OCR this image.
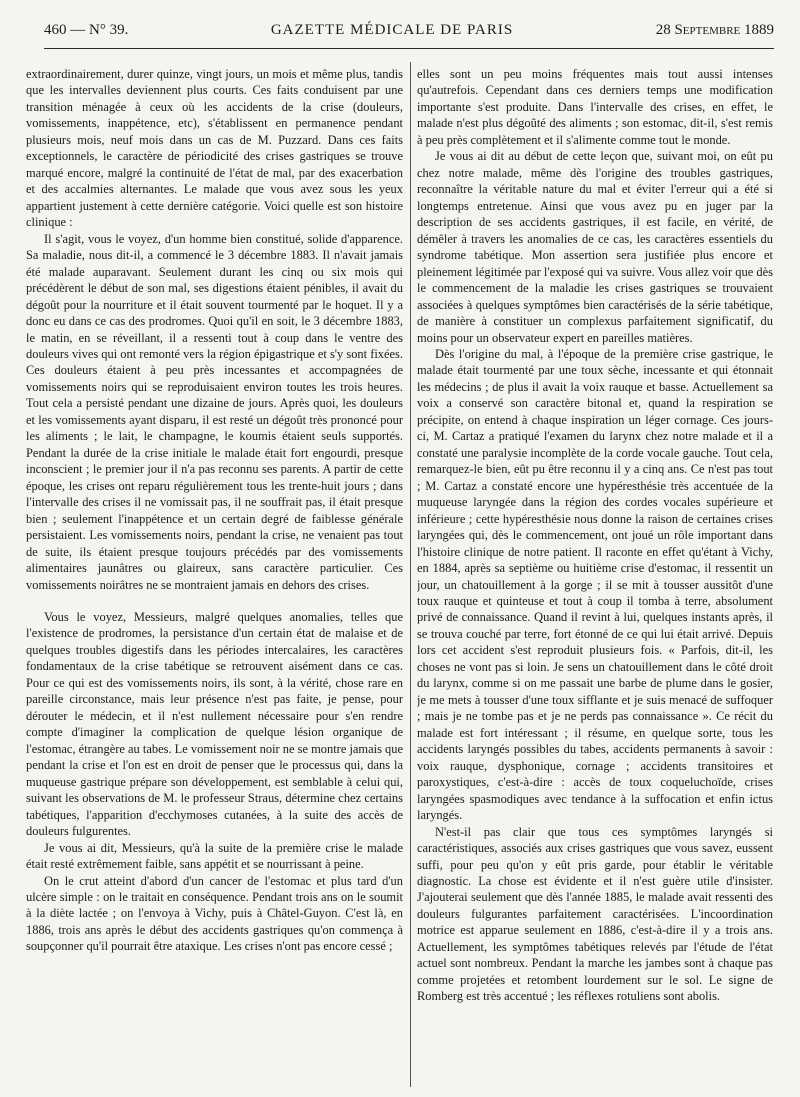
460 — N° 39.	GAZETTE MÉDICALE DE PARIS	28 Septembre 1889

extraordinairement, durer quinze, vingt jours, un mois et même plus, tandis que les intervalles deviennent plus courts. Ces faits conduisent par une transition ménagée à ceux où les accidents de la crise (douleurs, vomissements, inappétence, etc), s'établissent en permanence pendant plusieurs mois, neuf mois dans un cas de M. Puzzard. Dans ces faits exceptionnels, le caractère de périodicité des crises gastriques se trouve marqué encore, malgré la continuité de l'état de mal, par des exacerbation et des accalmies alternantes. Le malade que vous avez sous les yeux appartient justement à cette dernière catégorie. Voici quelle est son histoire clinique :

Il s'agit, vous le voyez, d'un homme bien constitué, solide d'apparence. Sa maladie, nous dit-il, a commencé le 3 décembre 1883. Il n'avait jamais été malade auparavant. Seulement durant les cinq ou six mois qui précédèrent le début de son mal, ses digestions étaient pénibles, il avait du dégoût pour la nourriture et il était souvent tourmenté par le hoquet. Il y a donc eu dans ce cas des prodromes. Quoi qu'il en soit, le 3 décembre 1883, le matin, en se réveillant, il a ressenti tout à coup dans le ventre des douleurs vives qui ont remonté vers la région épigastrique et s'y sont fixées. Ces douleurs étaient à peu près incessantes et accompagnées de vomissements noirs qui se reproduisaient environ toutes les trois heures. Tout cela a persisté pendant une dizaine de jours. Après quoi, les douleurs et les vomissements ayant disparu, il est resté un dégoût très prononcé pour les aliments ; le lait, le champagne, le koumis étaient seuls supportés. Pendant la durée de la crise initiale le malade était fort engourdi, presque inconscient ; le premier jour il n'a pas reconnu ses parents. A partir de cette époque, les crises ont reparu régulièrement tous les trente-huit jours ; dans l'intervalle des crises il ne vomissait pas, il ne souffrait pas, il était presque bien ; seulement l'inappétence et un certain degré de faiblesse générale persistaient. Les vomissements noirs, pendant la crise, ne venaient pas tout de suite, ils étaient presque toujours précédés par des vomissements alimentaires jaunâtres ou glaireux, sans caractère particulier. Ces vomissements noirâtres ne se montraient jamais en dehors des crises.

Vous le voyez, Messieurs, malgré quelques anomalies, telles que l'existence de prodromes, la persistance d'un certain état de malaise et de quelques troubles digestifs dans les périodes intercalaires, les caractères fondamentaux de la crise tabétique se retrouvent aisément dans ce cas. Pour ce qui est des vomissements noirs, ils sont, à la vérité, chose rare en pareille circonstance, mais leur présence n'est pas faite, je pense, pour dérouter le médecin, et il n'est nullement nécessaire pour s'en rendre compte d'imaginer la complication de quelque lésion organique de l'estomac, étrangère au tabes. Le vomissement noir ne se montre jamais que pendant la crise et l'on est en droit de penser que le processus qui, dans la muqueuse gastrique prépare son développement, est semblable à celui qui, suivant les observations de M. le professeur Straus, détermine chez certains tabétiques, l'apparition d'ecchymoses cutanées, à la suite des accès de douleurs fulgurentes.

Je vous ai dit, Messieurs, qu'à la suite de la première crise le malade était resté extrêmement faible, sans appétit et se nourrissant à peine.

On le crut atteint d'abord d'un cancer de l'estomac et plus tard d'un ulcère simple : on le traitait en conséquence. Pendant trois ans on le soumit à la diète lactée ; on l'envoya à Vichy, puis à Châtel-Guyon. C'est là, en 1886, trois ans après le début des accidents gastriques qu'on commença à soupçonner qu'il pourrait être ataxique. Les crises n'ont pas encore cessé ;

elles sont un peu moins fréquentes mais tout aussi intenses qu'autrefois. Cependant dans ces derniers temps une modification importante s'est produite. Dans l'intervalle des crises, en effet, le malade n'est plus dégoûté des aliments ; son estomac, dit-il, s'est remis à peu près complètement et il s'alimente comme tout le monde.

Je vous ai dit au début de cette leçon que, suivant moi, on eût pu chez notre malade, même dès l'origine des troubles gastriques, reconnaître la véritable nature du mal et éviter l'erreur qui a été si longtemps entretenue. Ainsi que vous avez pu en juger par la description de ses accidents gastriques, il est facile, en vérité, de démêler à travers les anomalies de ce cas, les caractères essentiels du syndrome tabétique. Mon assertion sera justifiée plus encore et pleinement légitimée par l'exposé qui va suivre. Vous allez voir que dès le commencement de la maladie les crises gastriques se trouvaient associées à quelques symptômes bien caractérisés de la série tabétique, de manière à constituer un complexus parfaitement significatif, du moins pour un observateur expert en pareilles matières.

Dès l'origine du mal, à l'époque de la première crise gastrique, le malade était tourmenté par une toux sèche, incessante et qui étonnait les médecins ; de plus il avait la voix rauque et basse. Actuellement sa voix a conservé son caractère bitonal et, quand la respiration se précipite, on entend à chaque inspiration un léger cornage. Ces jours-ci, M. Cartaz a pratiqué l'examen du larynx chez notre malade et il a constaté une paralysie incomplète de la corde vocale gauche. Tout cela, remarquez-le bien, eût pu être reconnu il y a cinq ans. Ce n'est pas tout ; M. Cartaz a constaté encore une hypéresthésie très accentuée de la muqueuse laryngée dans la région des cordes vocales supérieure et inférieure ; cette hypéresthésie nous donne la raison de certaines crises laryngées qui, dès le commencement, ont joué un rôle important dans l'histoire clinique de notre patient. Il raconte en effet qu'étant à Vichy, en 1884, après sa septième ou huitième crise d'estomac, il ressentit un jour, un chatouillement à la gorge ; il se mit à tousser aussitôt d'une toux rauque et quinteuse et tout à coup il tomba à terre, absolument privé de connaissance. Quand il revint à lui, quelques instants après, il se trouva couché par terre, fort étonné de ce qui lui était arrivé. Depuis lors cet accident s'est reproduit plusieurs fois. « Parfois, dit-il, les choses ne vont pas si loin. Je sens un chatouillement dans le côté droit du larynx, comme si on me passait une barbe de plume dans le gosier, je me mets à tousser d'une toux sifflante et je suis menacé de suffoquer ; mais je ne tombe pas et je ne perds pas connaissance ». Ce récit du malade est fort intéressant ; il résume, en quelque sorte, tous les accidents laryngés possibles du tabes, accidents permanents à savoir : voix rauque, dysphonique, cornage ; accidents transitoires et paroxystiques, c'est-à-dire : accès de toux coqueluchoïde, crises laryngées spasmodiques avec tendance à la suffocation et enfin ictus laryngés.

N'est-il pas clair que tous ces symptômes laryngés si caractéristiques, associés aux crises gastriques que vous savez, eussent suffi, pour peu qu'on y eût pris garde, pour établir le véritable diagnostic. La chose est évidente et il n'est guère utile d'insister. J'ajouterai seulement que dès l'année 1885, le malade avait ressenti des douleurs fulgurantes parfaitement caractérisées. L'incoordination motrice est apparue seulement en 1886, c'est-à-dire il y a trois ans. Actuellement, les symptômes tabétiques relevés par l'étude de l'état actuel sont nombreux. Pendant la marche les jambes sont à chaque pas comme projetées et retombent lourdement sur le sol. Le signe de Romberg est très accentué ; les réflexes rotuliens sont abolis.
